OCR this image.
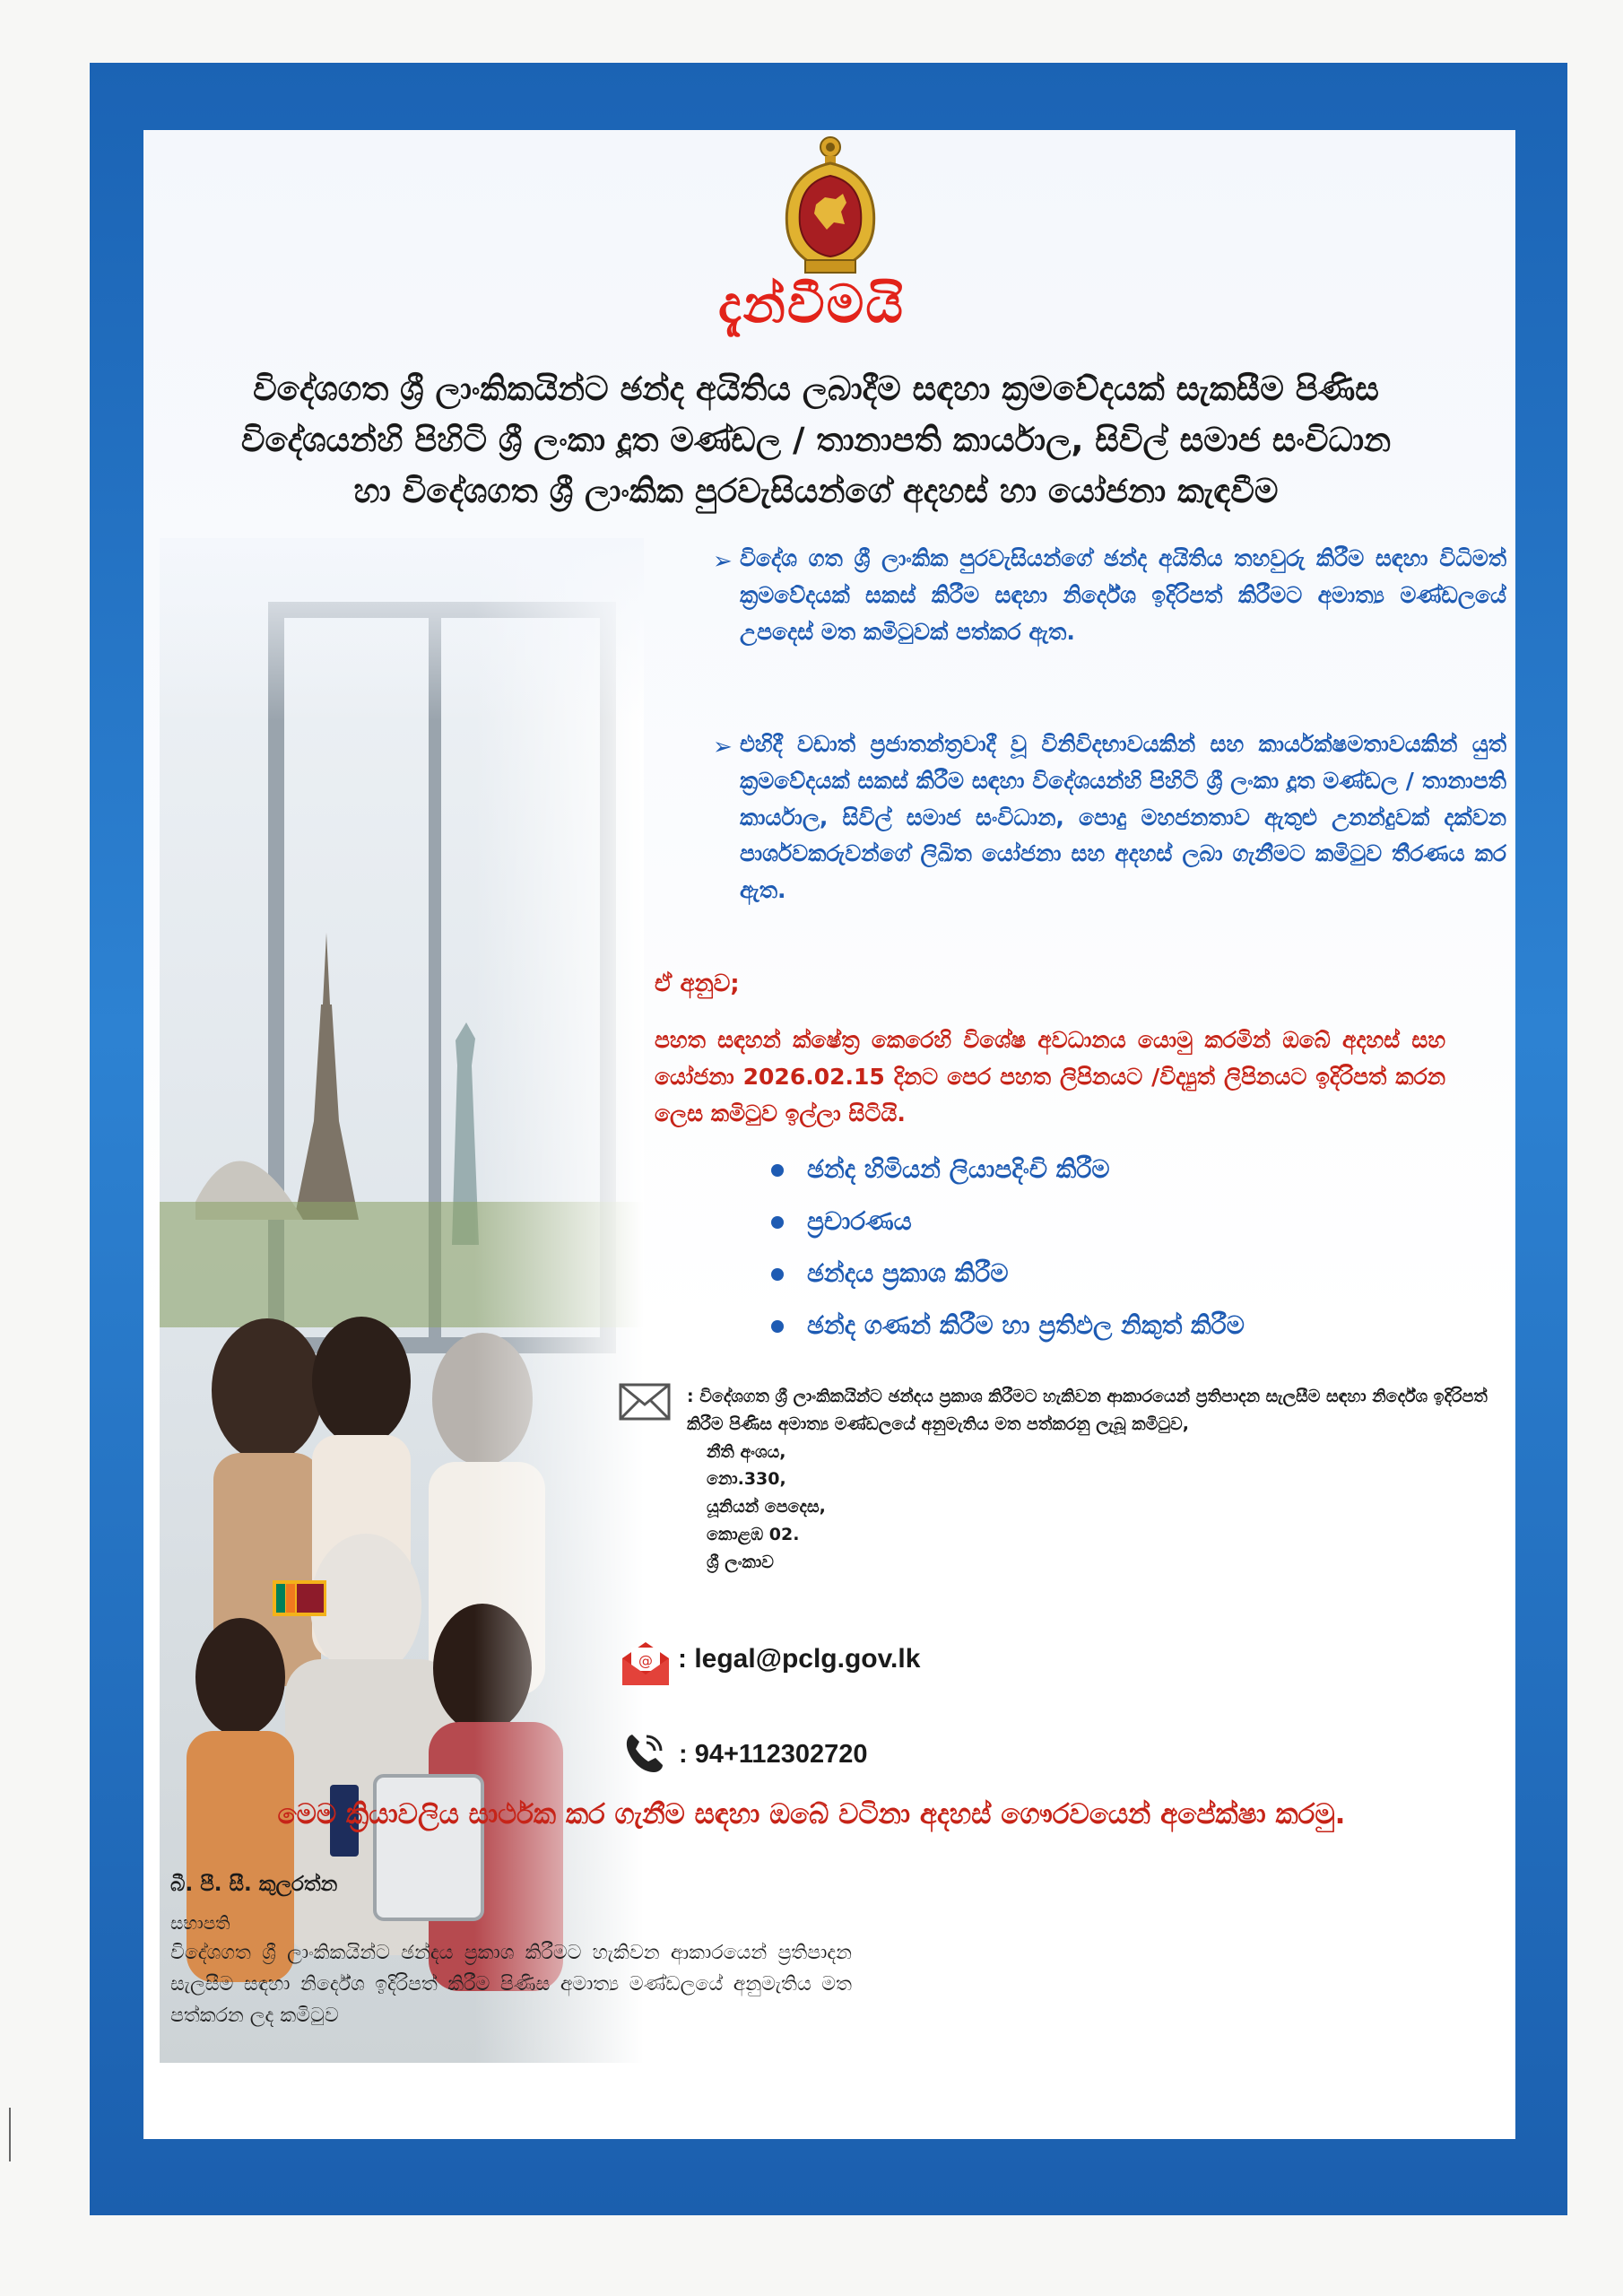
දැන්වීමයි
විදේශගත ශ්‍රී ලාංකිකයින්ට ඡන්ද අයිතිය ලබාදීම සඳහා ක්‍රමවේදයක් සැකසීම පිණිස
විදේශයන්හි පිහිටි ශ්‍රී ලංකා දූත මණ්ඩල / තානාපති කාර්යාල, සිවිල් සමාජ සංවිධාන
හා විදේශගත ශ්‍රී ලාංකික පුරවැසියන්ගේ අදහස් හා යෝජනා කැඳවීම
➢ විදේශ ගත ශ්‍රී ලාංකික පුරවැසියන්ගේ ඡන්ද අයිතිය තහවුරු කිරීම සඳහා විධිමත් ක්‍රමවේදයක් සකස් කිරීම සඳහා නිර්දේශ ඉදිරිපත් කිරීමට අමාත්‍ය මණ්ඩලයේ උපදෙස් මත කමිටුවක් පත්කර ඇත.
➢ එහිදී වඩාත් ප්‍රජාතන්ත්‍රවාදී වූ විනිවිදභාවයකින් සහ කාර්යක්ෂමතාවයකින් යුත් ක්‍රමවේදයක් සකස් කිරීම සඳහා විදේශයන්හි පිහිටි ශ්‍රී ලංකා දූත මණ්ඩල / තානාපති කාර්යාල, සිවිල් සමාජ සංවිධාන, පොදු මහජනතාව ඇතුළු උනන්දුවක් දක්වන පාර්ශවකරුවන්ගේ ලිඛිත යෝජනා සහ අදහස් ලබා ගැනීමට කමිටුව තීරණය කර ඇත.
ඒ අනුව;
පහත සඳහන් ක්ෂේත්‍ර කෙරෙහි විශේෂ අවධානය යොමු කරමින් ඔබේ අදහස් සහ යෝජනා 2026.02.15 දිනට පෙර පහත ලිපිනයට /විද්‍යුත් ලිපිනයට ඉදිරිපත් කරන ලෙස කමිටුව ඉල්ලා සිටියි.
ඡන්ද හිමියන් ලියාපදිංචි කිරීම
ප්‍රචාරණය
ඡන්දය ප්‍රකාශ කිරීම
ඡන්ද ගණන් කිරීම හා ප්‍රතිඵල නිකුත් කිරීම
: විදේශගත ශ්‍රී ලාංකිකයින්ට ඡන්දය ප්‍රකාශ කිරීමට හැකිවන ආකාරයෙන් ප්‍රතිපාදන සැලසීම සඳහා නිර්දේශ ඉදිරිපත් කිරීම පිණිස අමාත්‍ය මණ්ඩලයේ අනුමැතිය මත පත්කරනු ලැබූ කමිටුව,
නීති අංශය,
නො.330,
යූනියන් පෙදෙස,
කොළඹ 02.
ශ්‍රී ලංකාව
@ : legal@pclg.gov.lk
: 94+112302720
මෙම ක්‍රියාවලිය සාර්ථක කර ගැනීම සඳහා ඔබේ වටිනා අදහස් ගෞරවයෙන් අපේක්ෂා කරමු.
බී. පී. සී. කුලරත්න
සභාපති
විදේශගත ශ්‍රී ලාංකිකයින්ට ඡන්දය ප්‍රකාශ කිරීමට හැකිවන ආකාරයෙන් ප්‍රතිපාදන සැලසීම සඳහා නිර්දේශ ඉදිරිපත් කිරීම පිණිස අමාත්‍ය මණ්ඩලයේ අනුමැතිය මත පත්කරන ලද කමිටුව
